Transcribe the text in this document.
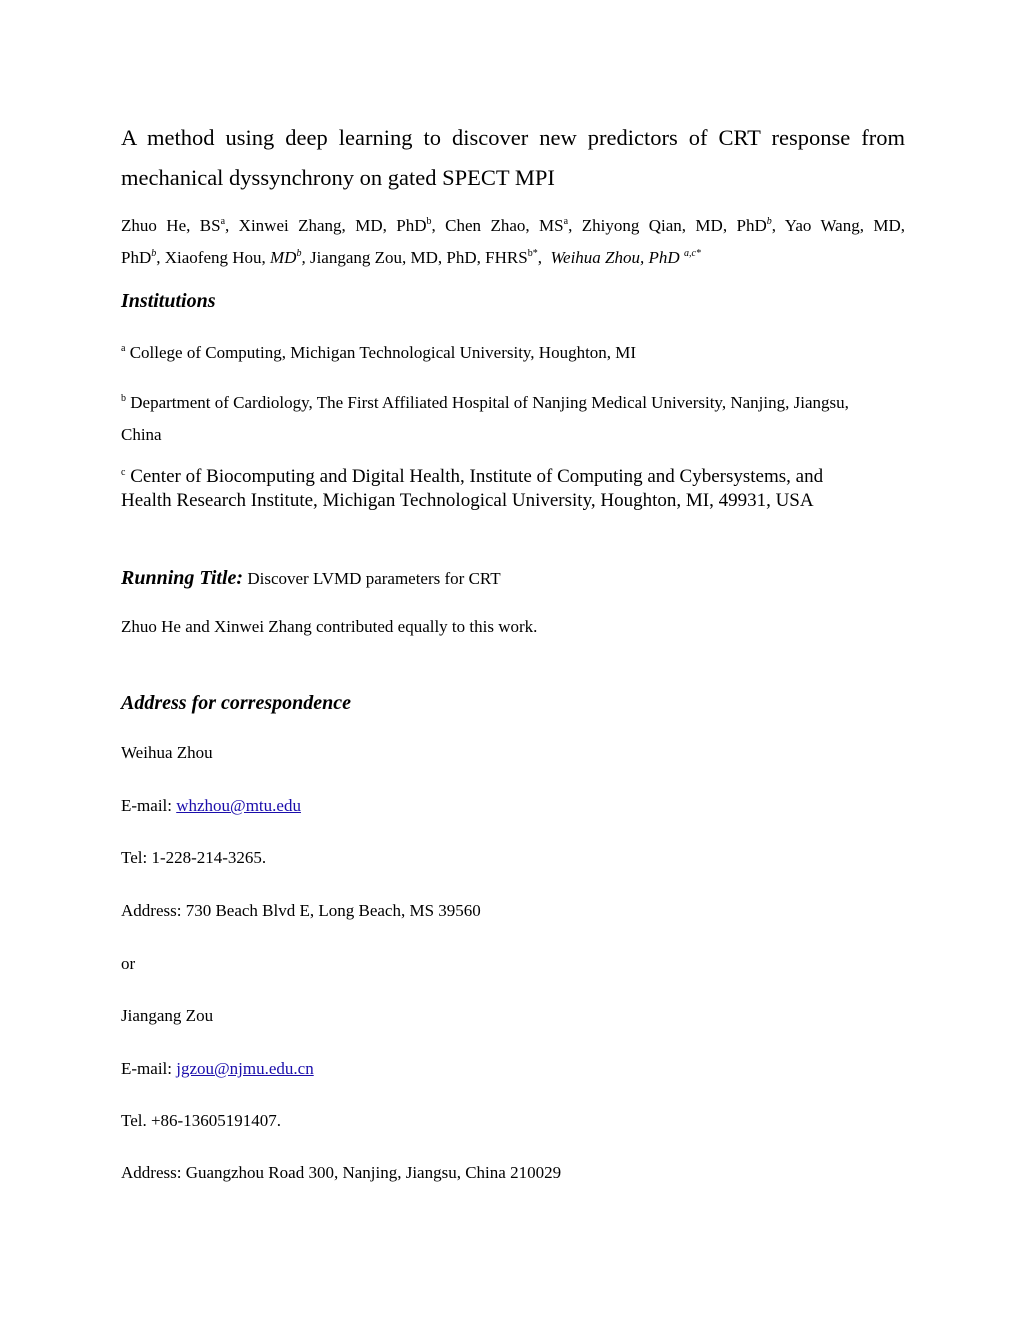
A method using deep learning to discover new predictors of CRT response from
mechanical dyssynchrony on gated SPECT MPI
Zhuo He, $BS^a$, Xinwei Zhang, MD, PhD$^b$, Chen Zhao, $MS^a$, Zhiyong Qian, MD, PhD$^b$, Yao Wang, MD,
PhD$^b$, Xiaofeng Hou, $MD^b$, Jiangang Zou, MD, PhD, $FHRS^{b*}$, Weihua Zhou, PhD $^{a,c*}$
Institutions
$^a$ College of Computing, Michigan Technological University, Houghton, MI
$^b$ Department of Cardiology, The First Affiliated Hospital of Nanjing Medical University, Nanjing, Jiangsu,
China
$^c$ Center of Biocomputing and Digital Health, Institute of Computing and Cybersystems, and
Health Research Institute, Michigan Technological University, Houghton, MI, 49931, USA
Running Title: Discover LVMD parameters for CRT
Zhuo He and Xinwei Zhang contributed equally to this work.
Address for correspondence
Weihua Zhou
E-mail: whzhou@mtu.edu
Tel: 1-228-214-3265.
Address: 730 Beach Blvd E, Long Beach, MS 39560
or
Jiangang Zou
E-mail: jgzou@njmu.edu.cn
Tel. +86-13605191407.
Address: Guangzhou Road 300, Nanjing, Jiangsu, China 210029
